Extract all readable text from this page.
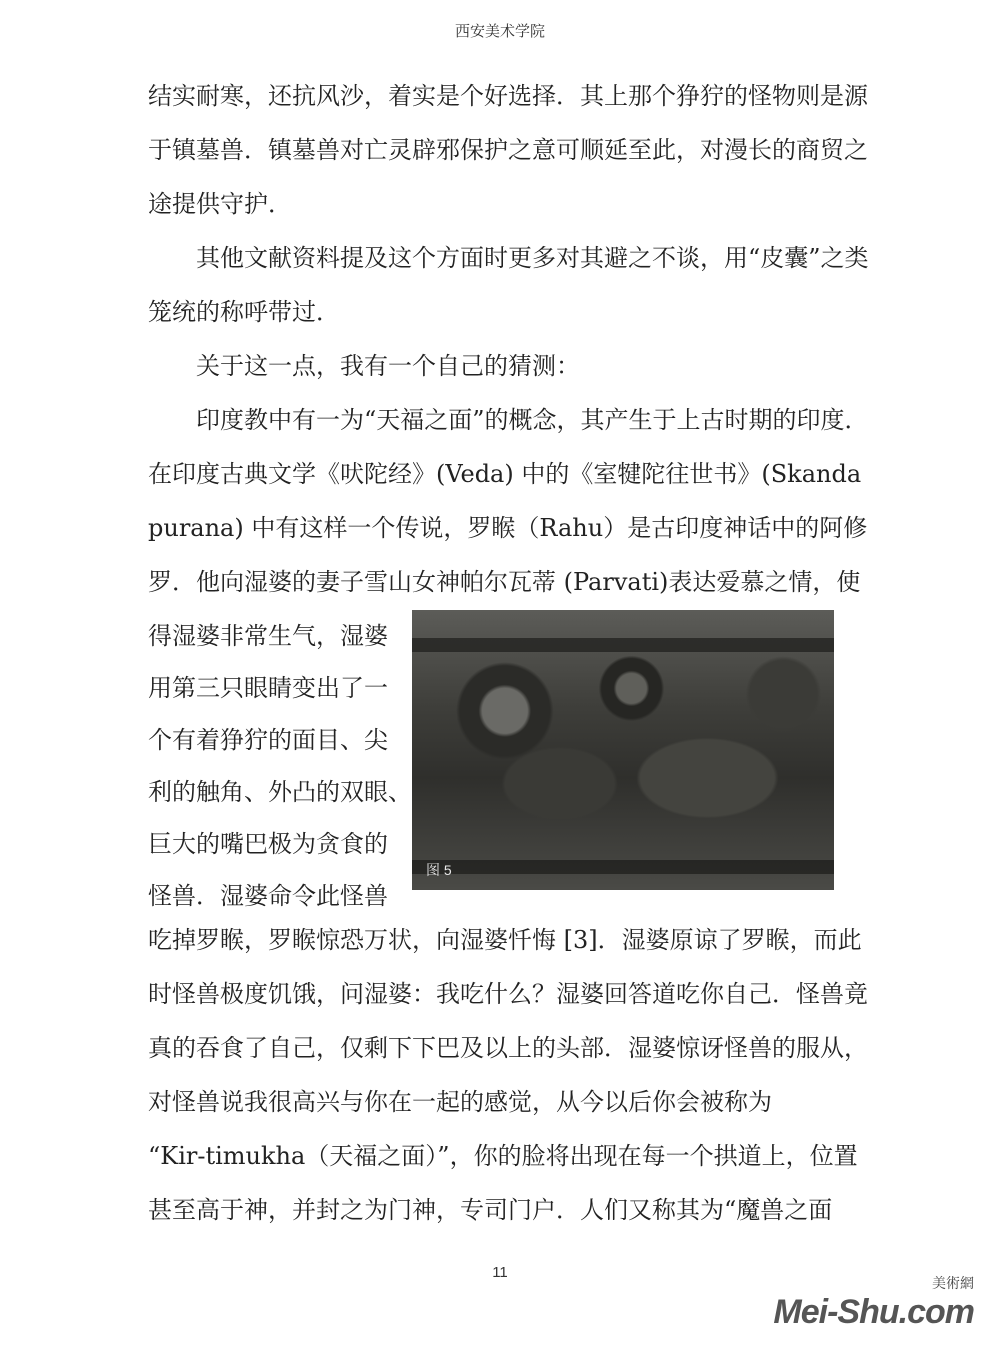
西安美术学院
结实耐寒，还抗风沙，着实是个好选择．其上那个狰狞的怪物则是源
于镇墓兽．镇墓兽对亡灵辟邪保护之意可顺延至此，对漫长的商贸之
途提供守护．
其他文献资料提及这个方面时更多对其避之不谈，用“皮囊”之类
笼统的称呼带过．
关于这一点，我有一个自己的猜测：
印度教中有一为“天福之面”的概念，其产生于上古时期的印度．
在印度古典文学《吠陀经》(Veda) 中的《室犍陀往世书》(Skanda
purana) 中有这样一个传说，罗睺（Rahu）是古印度神话中的阿修
罗．他向湿婆的妻子雪山女神帕尔瓦蒂 (Parvati)表达爱慕之情，使
得湿婆非常生气，湿婆
用第三只眼睛变出了一
个有着狰狞的面目、尖
利的触角、外凸的双眼、
巨大的嘴巴极为贪食的
怪兽．湿婆命令此怪兽
图 5
吃掉罗睺，罗睺惊恐万状，向湿婆忏悔 [3]．湿婆原谅了罗睺，而此
时怪兽极度饥饿，问湿婆：我吃什么？湿婆回答道吃你自己．怪兽竟
真的吞食了自己，仅剩下下巴及以上的头部．湿婆惊讶怪兽的服从，
对怪兽说我很高兴与你在一起的感觉，从今以后你会被称为
“Kir-timukha（天福之面）”，你的脸将出现在每一个拱道上，位置
甚至高于神，并封之为门神，专司门户．人们又称其为“魔兽之面
11
美術網
Mei-Shu.com
